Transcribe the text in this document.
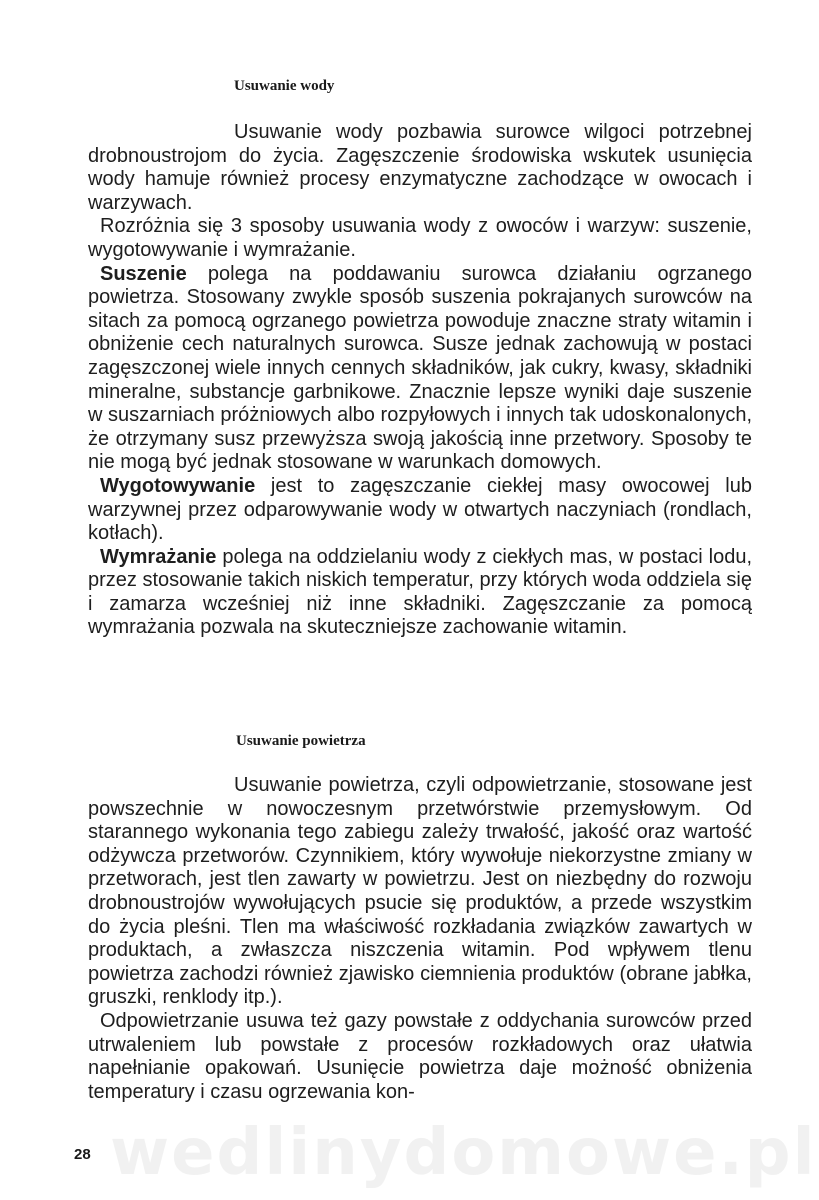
Usuwanie wody

Usuwanie wody pozbawia surowce wilgoci potrzebnej drobnoustrojom do życia. Zagęszczenie środowiska wskutek usunięcia wody hamuje również procesy enzymatyczne zachodzące w owocach i warzywach.

Rozróżnia się 3 sposoby usuwania wody z owoców i warzyw: suszenie, wygotowywanie i wymrażanie.

Suszenie polega na poddawaniu surowca działaniu ogrzanego powietrza. Stosowany zwykle sposób suszenia pokrajanych surowców na sitach za pomocą ogrzanego powietrza powoduje znaczne straty witamin i obniżenie cech naturalnych surowca. Susze jednak zachowują w postaci zagęszczonej wiele innych cennych składników, jak cukry, kwasy, składniki mineralne, substancje garbnikowe. Znacznie lepsze wyniki daje suszenie w suszarniach próżniowych albo rozpyłowych i innych tak udoskonalonych, że otrzymany susz przewyższa swoją jakością inne przetwory. Sposoby te nie mogą być jednak stosowane w warunkach domowych.

Wygotowywanie jest to zagęszczanie ciekłej masy owocowej lub warzywnej przez odparowywanie wody w otwartych naczyniach (rondlach, kotłach).

Wymrażanie polega na oddzielaniu wody z ciekłych mas, w postaci lodu, przez stosowanie takich niskich temperatur, przy których woda oddziela się i zamarza wcześniej niż inne składniki. Zagęszczanie za pomocą wymrażania pozwala na skuteczniejsze zachowanie witamin.

Usuwanie powietrza

Usuwanie powietrza, czyli odpowietrzanie, stosowane jest powszechnie w nowoczesnym przetwórstwie przemysłowym. Od starannego wykonania tego zabiegu zależy trwałość, jakość oraz wartość odżywcza przetworów. Czynnikiem, który wywołuje niekorzystne zmiany w przetworach, jest tlen zawarty w powietrzu. Jest on niezbędny do rozwoju drobnoustrojów wywołujących psucie się produktów, a przede wszystkim do życia pleśni. Tlen ma właściwość rozkładania związków zawartych w produktach, a zwłaszcza niszczenia witamin. Pod wpływem tlenu powietrza zachodzi również zjawisko ciemnienia produktów (obrane jabłka, gruszki, renklody itp.).

Odpowietrzanie usuwa też gazy powstałe z oddychania surowców przed utrwaleniem lub powstałe z procesów rozkładowych oraz ułatwia napełnianie opakowań. Usunięcie powietrza daje możność obniżenia temperatury i czasu ogrzewania kon-

wedlinydomowe.pl
28
